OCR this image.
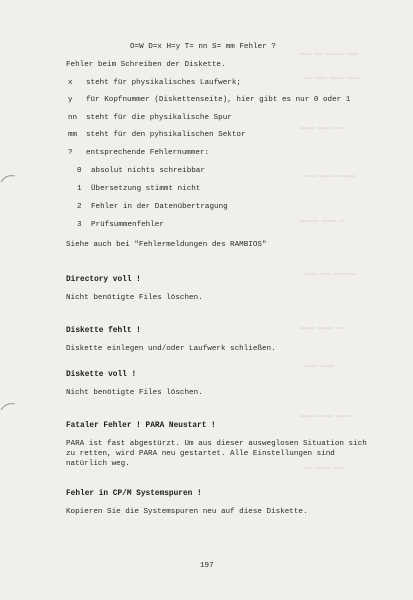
▁▁▁ ▁▁ ▁▁▁▁▁ ▁▁▁
▁▁ ▁▁▁ ▁▁▁▁ ▁▁▁
▁▁▁▁ ▁▁▁ ▁▁▁
▁▁▁ ▁▁▁▁ ▁▁▁▁▁
▁▁▁▁▁ ▁▁▁▁ ▁
▁▁▁ ▁▁▁ ▁▁▁▁▁▁
▁▁▁▁ ▁▁▁▁ ▁▁
▁▁▁ ▁▁▁▁
▁▁▁▁▁ ▁▁▁ ▁▁▁▁
▁▁ ▁▁▁▁ ▁▁▁
O=W D=x H=y T= nn S= mm Fehler ?
Fehler beim Schreiben der Diskette.
x steht für physikalisches Laufwerk;
y für Kopfnummer (Diskettenseite), hier gibt es nur 0 oder 1
nn steht für die physikalische Spur
mm steht für den pyhsikalischen Sektor
? entsprechende Fehlernummer:
0 absolut nichts schreibbar
1 Übersetzung stimmt nicht
2 Fehler in der Datenübertragung
3 Prüfsummenfehler
Siehe auch bei "Fehlermeldungen des RAMBIOS"
Directory voll !
Nicht benötigte Files löschen.
Diskette fehlt !
Diskette einlegen und/oder Laufwerk schließen.
Diskette voll !
Nicht benötigte Files löschen.
Fataler Fehler ! PARA Neustart !
PARA ist fast abgestürzt. Um aus dieser ausweglosen Situation sich
zu retten, wird PARA neu gestartet. Alle Einstellungen sind
natürlich weg.
Fehler in CP/M Systemspuren !
Kopieren Sie die Systemspuren neu auf diese Diskette.
197
